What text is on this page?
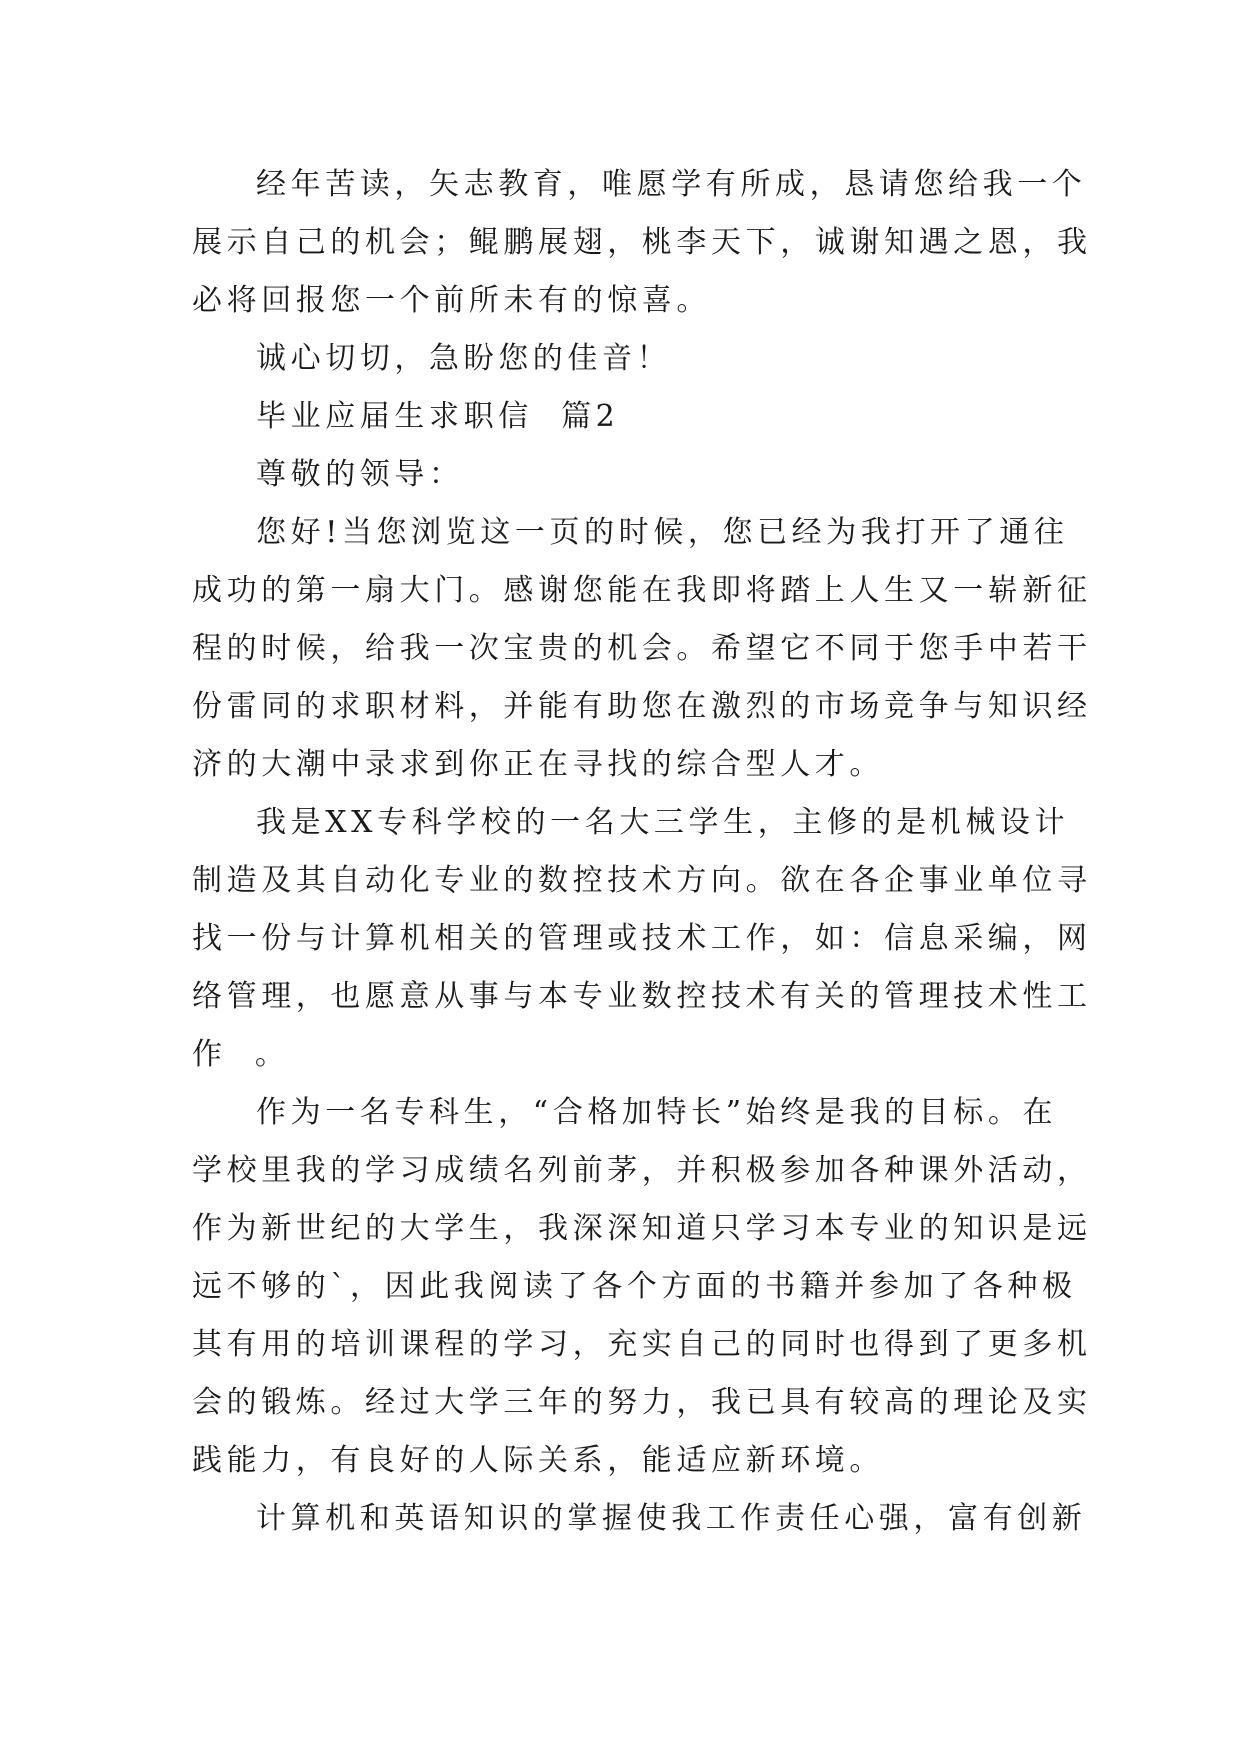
经年苦读，矢志教育，唯愿学有所成，恳请您给我一个
展示自己的机会；鲲鹏展翅，桃李天下，诚谢知遇之恩，我
必将回报您一个前所未有的惊喜。
诚心切切，急盼您的佳音！
毕业应届生求职信  篇2
尊敬的领导：
您好!当您浏览这一页的时候，您已经为我打开了通往
成功的第一扇大门。感谢您能在我即将踏上人生又一崭新征
程的时候，给我一次宝贵的机会。希望它不同于您手中若干
份雷同的求职材料，并能有助您在激烈的市场竞争与知识经
济的大潮中录求到你正在寻找的综合型人才。
我是XX专科学校的一名大三学生，主修的是机械设计
制造及其自动化专业的数控技术方向。欲在各企事业单位寻
找一份与计算机相关的管理或技术工作，如：信息采编，网
络管理，也愿意从事与本专业数控技术有关的管理技术性工
作  。
作为一名专科生，“合格加特长”始终是我的目标。在
学校里我的学习成绩名列前茅，并积极参加各种课外活动，
作为新世纪的大学生，我深深知道只学习本专业的知识是远
远不够的`，因此我阅读了各个方面的书籍并参加了各种极
其有用的培训课程的学习，充实自己的同时也得到了更多机
会的锻炼。经过大学三年的努力，我已具有较高的理论及实
践能力，有良好的人际关系，能适应新环境。
计算机和英语知识的掌握使我工作责任心强，富有创新
